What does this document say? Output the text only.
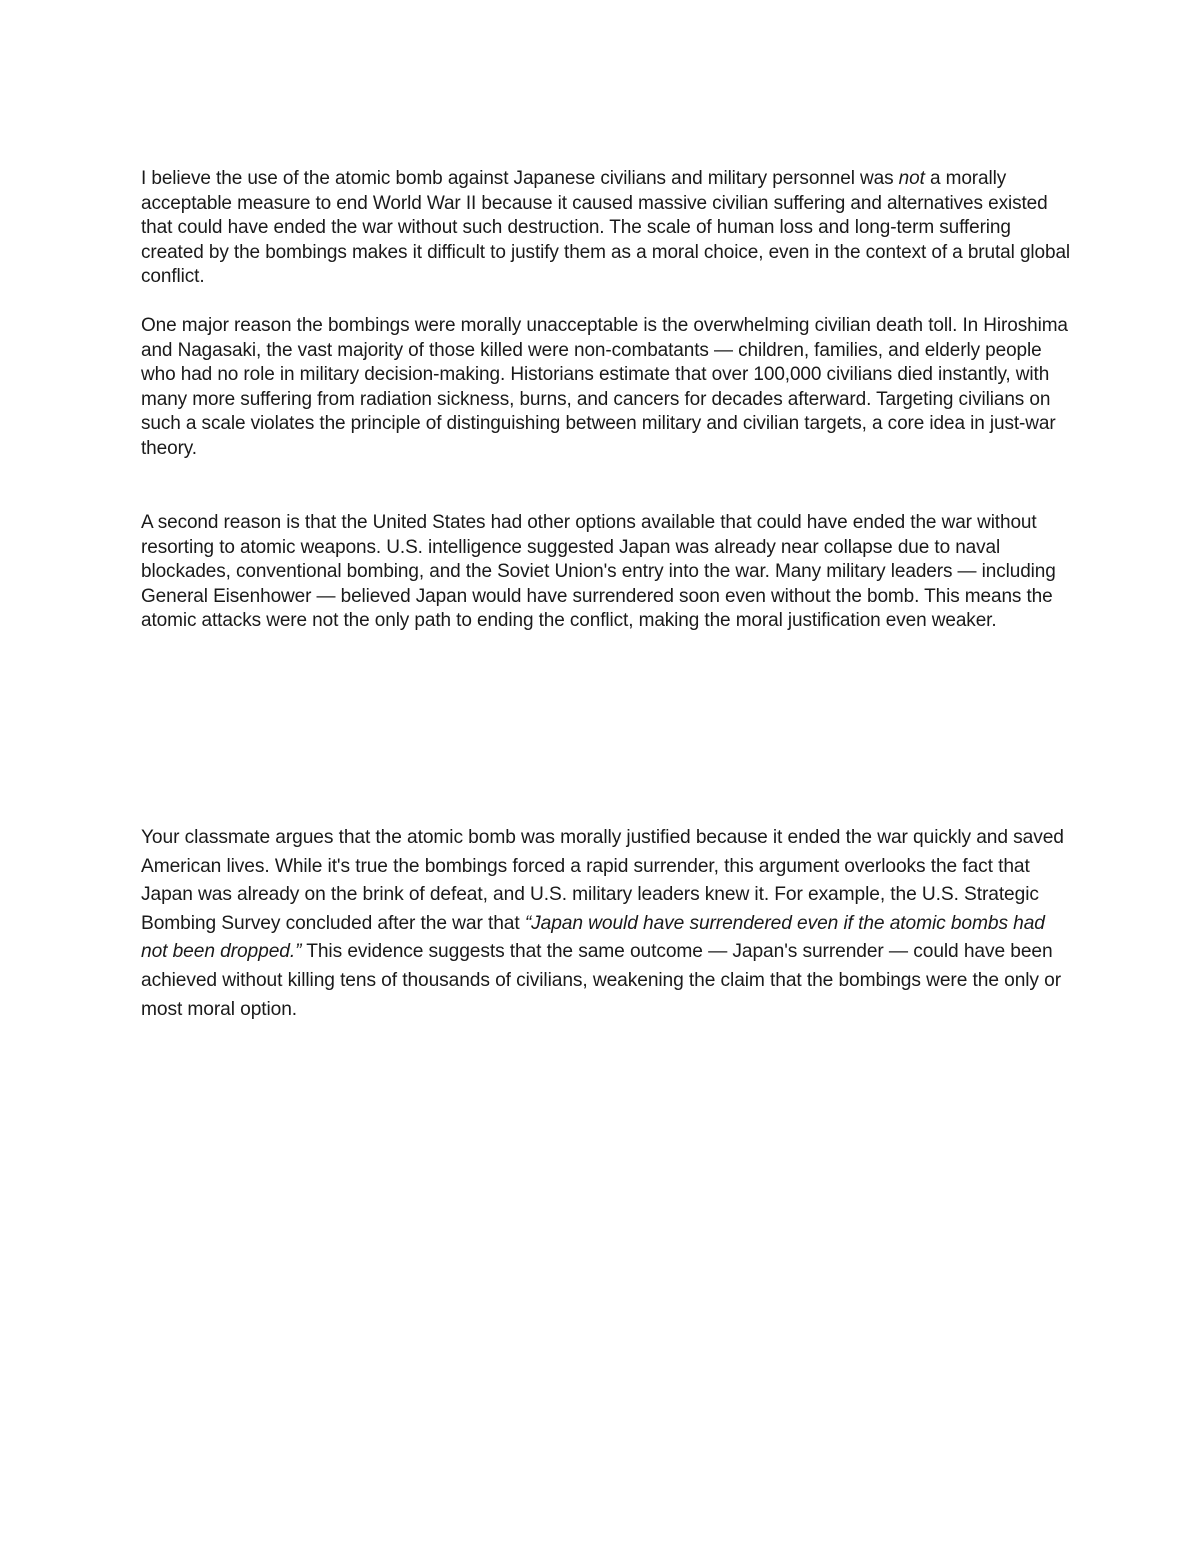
I believe the use of the atomic bomb against Japanese civilians and military personnel was not a morally acceptable measure to end World War II because it caused massive civilian suffering and alternatives existed that could have ended the war without such destruction. The scale of human loss and long-term suffering created by the bombings makes it difficult to justify them as a moral choice, even in the context of a brutal global conflict.

One major reason the bombings were morally unacceptable is the overwhelming civilian death toll. In Hiroshima and Nagasaki, the vast majority of those killed were non-combatants — children, families, and elderly people who had no role in military decision-making. Historians estimate that over 100,000 civilians died instantly, with many more suffering from radiation sickness, burns, and cancers for decades afterward. Targeting civilians on such a scale violates the principle of distinguishing between military and civilian targets, a core idea in just-war theory.

A second reason is that the United States had other options available that could have ended the war without resorting to atomic weapons. U.S. intelligence suggested Japan was already near collapse due to naval blockades, conventional bombing, and the Soviet Union's entry into the war. Many military leaders — including General Eisenhower — believed Japan would have surrendered soon even without the bomb. This means the atomic attacks were not the only path to ending the conflict, making the moral justification even weaker.

Your classmate argues that the atomic bomb was morally justified because it ended the war quickly and saved American lives. While it's true the bombings forced a rapid surrender, this argument overlooks the fact that Japan was already on the brink of defeat, and U.S. military leaders knew it. For example, the U.S. Strategic Bombing Survey concluded after the war that “Japan would have surrendered even if the atomic bombs had not been dropped.” This evidence suggests that the same outcome — Japan's surrender — could have been achieved without killing tens of thousands of civilians, weakening the claim that the bombings were the only or most moral option.
